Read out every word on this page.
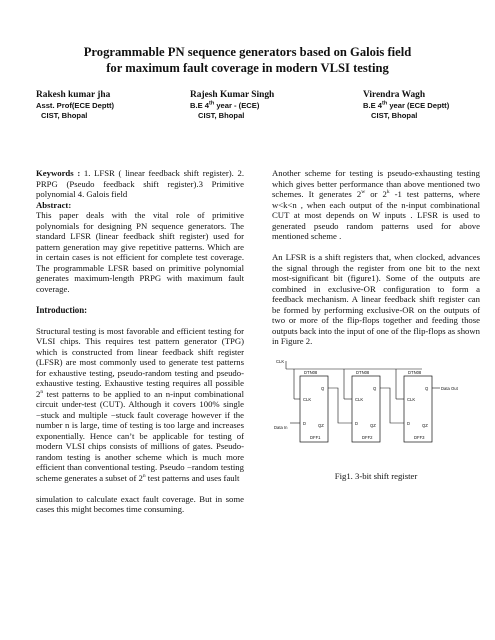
Programmable PN sequence generators based on Galois field
for maximum fault coverage in modern VLSI testing
Rakesh kumar jha
Asst. Prof(ECE Deptt)
CIST, Bhopal
Rajesh Kumar Singh
B.E 4th year - (ECE)
CIST, Bhopal
Virendra Wagh
B.E 4th year (ECE Deptt)
CIST, Bhopal

Keywords : 1. LFSR ( linear feedback shift register). 2. PRPG (Pseudo feedback shift register).3 Primitive polynomial 4. Galois field

Abstract:

This paper deals with the vital role of primitive polynomials for designing PN sequence generators. The standard LFSR (linear feedback shift register) used for pattern generation may give repetitive patterns. Which are in certain cases is not efficient for complete test coverage. The programmable LFSR based on primitive polynomial generates maximum-length PRPG with maximum fault coverage.

Introduction:

Structural testing is most favorable and efficient testing for VLSI chips. This requires test pattern generator (TPG) which is constructed from linear feedback shift register (LFSR) are most commonly used to generate test patterns for exhaustive testing, pseudo-random testing and pseudo-exhaustive testing. Exhaustive testing requires all possible 2$^n$ test patterns to be applied to an n-input combinational circuit under-test (CUT). Although it covers 100% single −stuck and multiple −stuck fault coverage however if the number n is large, time of testing is too large and increases exponentially. Hence can’t be applicable for testing of modern VLSI chips consists of millions of gates. Pseudo-random testing is another scheme which is much more efficient than conventional testing. Pseudo −random testing scheme generates a subset of 2$^n$ test patterns and uses fault

simulation to calculate exact fault coverage. But in some cases this might becomes time consuming.

Another scheme for testing is pseudo-exhausting testing which gives better performance than above mentioned two schemes. It generates 2$^w$ or 2$^k$ -1 test patterns, where w<k<n , when each output of the n-input combinational CUT at most depends on W inputs . LFSR is used to generated pseudo random patterns used for above mentioned scheme .

An LFSR is a shift registers that, when clocked, advances the signal through the register from one bit to the next most-significant bit (figure1). Some of the outputs are combined in exclusive-OR configuration to form a feedback mechanism. A linear feedback shift register can be formed by performing exclusive-OR on the outputs of two or more of the flip-flops together and feeding those outputs back into the input of one of the flip-flops as shown in Figure 2.

CLK
DTN08
CLK
D
Q
QZ
DFF1
DTN08
CLK
D
Q
QZ
DFF2
DTN08
CLK
D
Q
QZ
DFF3
Data In
Data Out
Fig1. 3-bit shift register
